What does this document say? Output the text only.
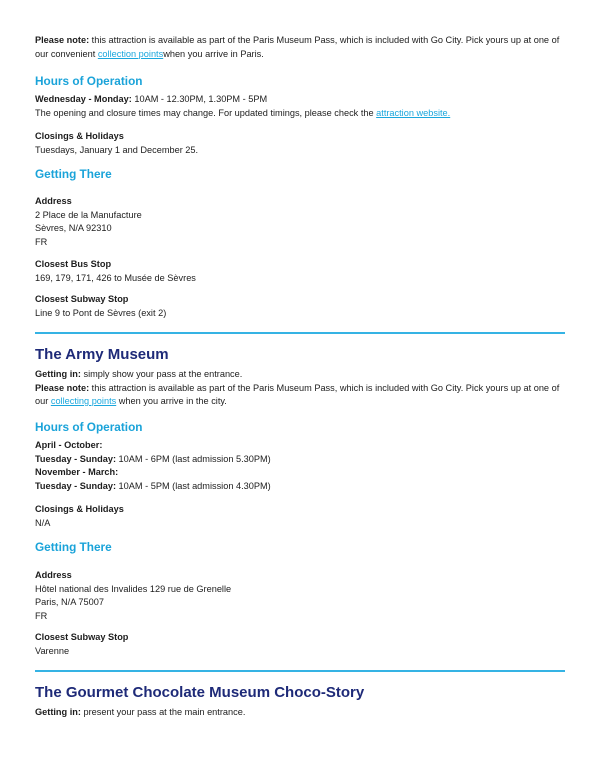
Please note: this attraction is available as part of the Paris Museum Pass, which is included with Go City. Pick yours up at one of our convenient collection pointswhen you arrive in Paris.

Hours of Operation

Wednesday - Monday: 10AM - 12.30PM, 1.30PM - 5PM

The opening and closure times may change. For updated timings, please check the attraction website.

Closings & Holidays

Tuesdays, January 1 and December 25.

Getting There

Address

2 Place de la Manufacture

Sèvres, N/A 92310

FR

Closest Bus Stop

169, 179, 171, 426 to Musée de Sèvres

Closest Subway Stop

Line 9 to Pont de Sèvres (exit 2)

The Army Museum

Getting in: simply show your pass at the entrance.

Please note: this attraction is available as part of the Paris Museum Pass, which is included with Go City. Pick yours up at one of our collecting points when you arrive in the city.

Hours of Operation

April - October:

Tuesday - Sunday: 10AM - 6PM (last admission 5.30PM)

November - March:

Tuesday - Sunday: 10AM - 5PM (last admission 4.30PM)

Closings & Holidays

N/A

Getting There

Address

Hôtel national des Invalides 129 rue de Grenelle

Paris, N/A 75007

FR

Closest Subway Stop

Varenne

The Gourmet Chocolate Museum Choco-Story

Getting in: present your pass at the main entrance.
